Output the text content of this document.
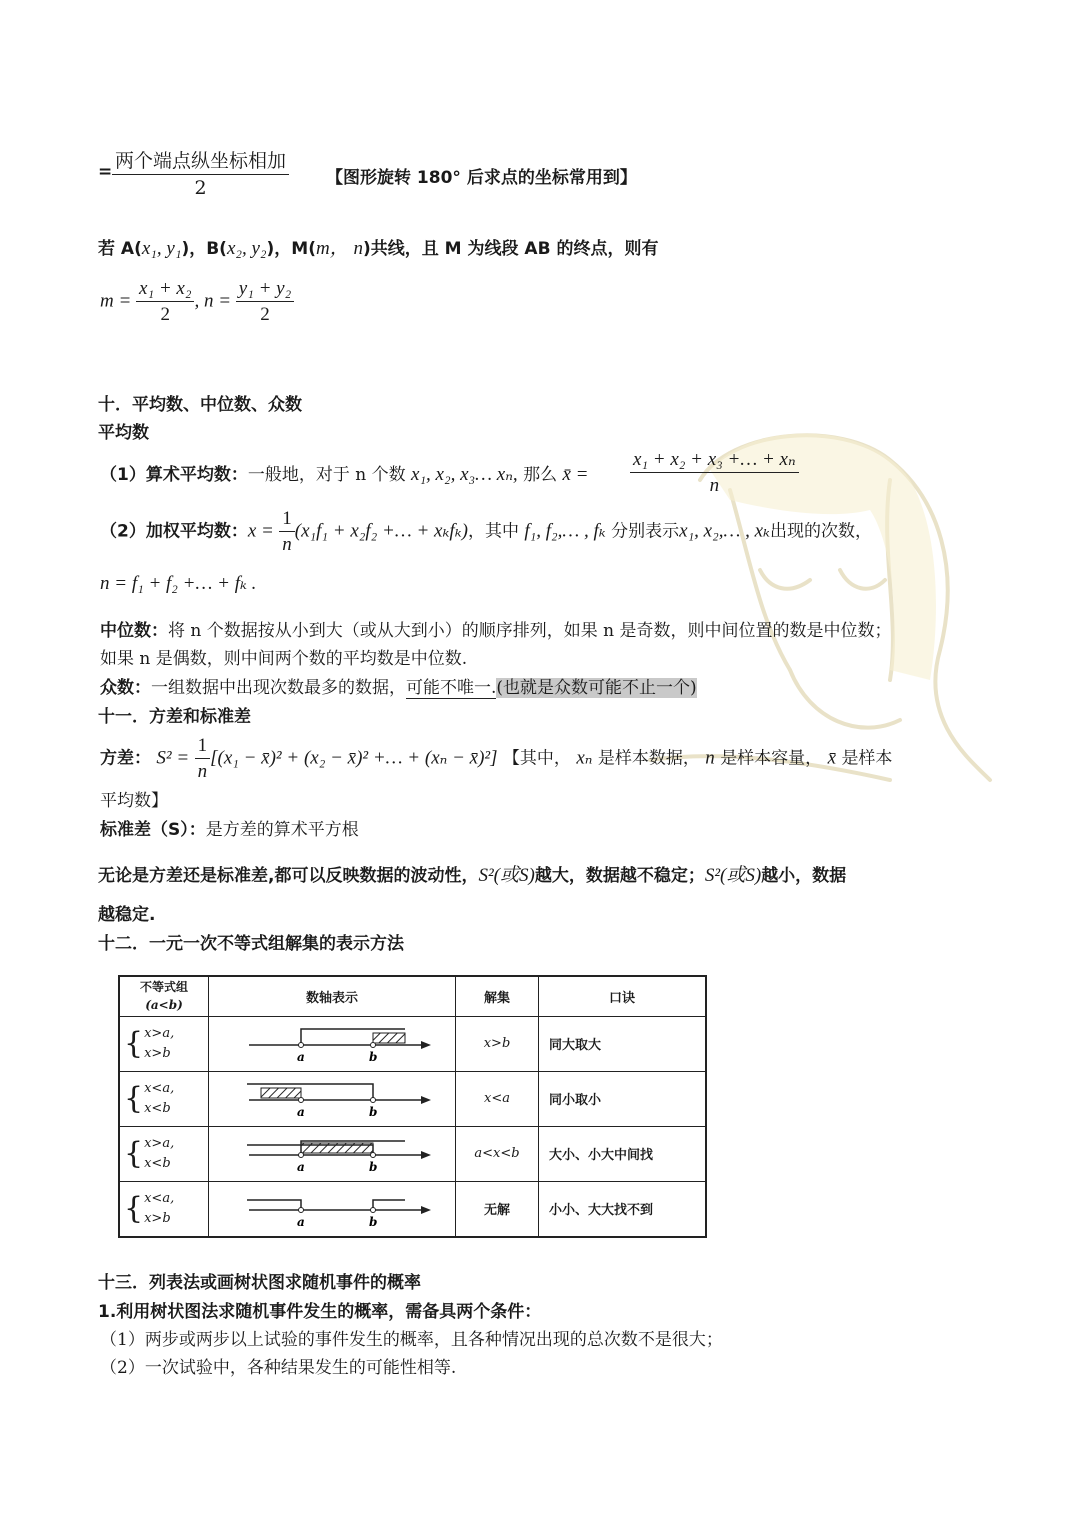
= $\frac{\text{两个端点纵坐标相加}}{2}$ 【图形旋转 180° 后求点的坐标常用到】
若 A(x₁, y₁)，B(x₂, y₂)，M(m， n)共线，且 M 为线段 AB 的终点，则有
$m = \frac{\text{x₁ + x₂}}{2}$ , $n = \frac{\text{y₁ + y₂}}{2}$
十．平均数、中位数、众数
平均数
（1）算术平均数：一般地，对于 n 个数 x₁, x₂, x₃… xₙ, 那么 x̄ = $\frac{\text{x₁ + x₂ + x₃ +… + xₙ}}{n}$
（2）加权平均数：$x = \frac{1}{n} (x_1f_1 + x_2f_2$ +… + xₖfₖ)，其中 f₁, f₂,… , fₖ 分别表示x₁, x₂,… , xₖ出现的次数，
n = f₁ + f₂ +… + fₖ .
中位数：将 n 个数据按从小到大（或从大到小）的顺序排列，如果 n 是奇数，则中间位置的数是中位数；
如果 n 是偶数，则中间两个数的平均数是中位数.
众数：一组数据中出现次数最多的数据，可能不唯一.(也就是众数可能不止一个)
十一．方差和标准差
方差： $S^2 = \frac{1}{n} [(x_1$ − x̄)² + (x₂ − x̄)² +… + (xₙ − x̄)²] 【其中， xₙ 是样本数据， n 是样本容量， x̄ 是样本
平均数】
标准差（S）：是方差的算术平方根
无论是方差还是标准差,都可以反映数据的波动性，S²(或S)越大，数据越不稳定；S²(或S)越小，数据
越稳定.
十二．一元一次不等式组解集的表示方法
不等式组
(a<b)	数轴表示	解集	口诀
{x>a,
x>b	a b	x>b	同大取大
{x<a,
x<b	a b	x<a	同小取小
{x>a,
x<b	a b	a<x<b	大小、小大中间找
{x<a,
x>b	a b	无解	小小、大大找不到
十三．列表法或画树状图求随机事件的概率
1.利用树状图法求随机事件发生的概率，需备具两个条件：
（1）两步或两步以上试验的事件发生的概率，且各种情况出现的总次数不是很大；
（2）一次试验中，各种结果发生的可能性相等.
